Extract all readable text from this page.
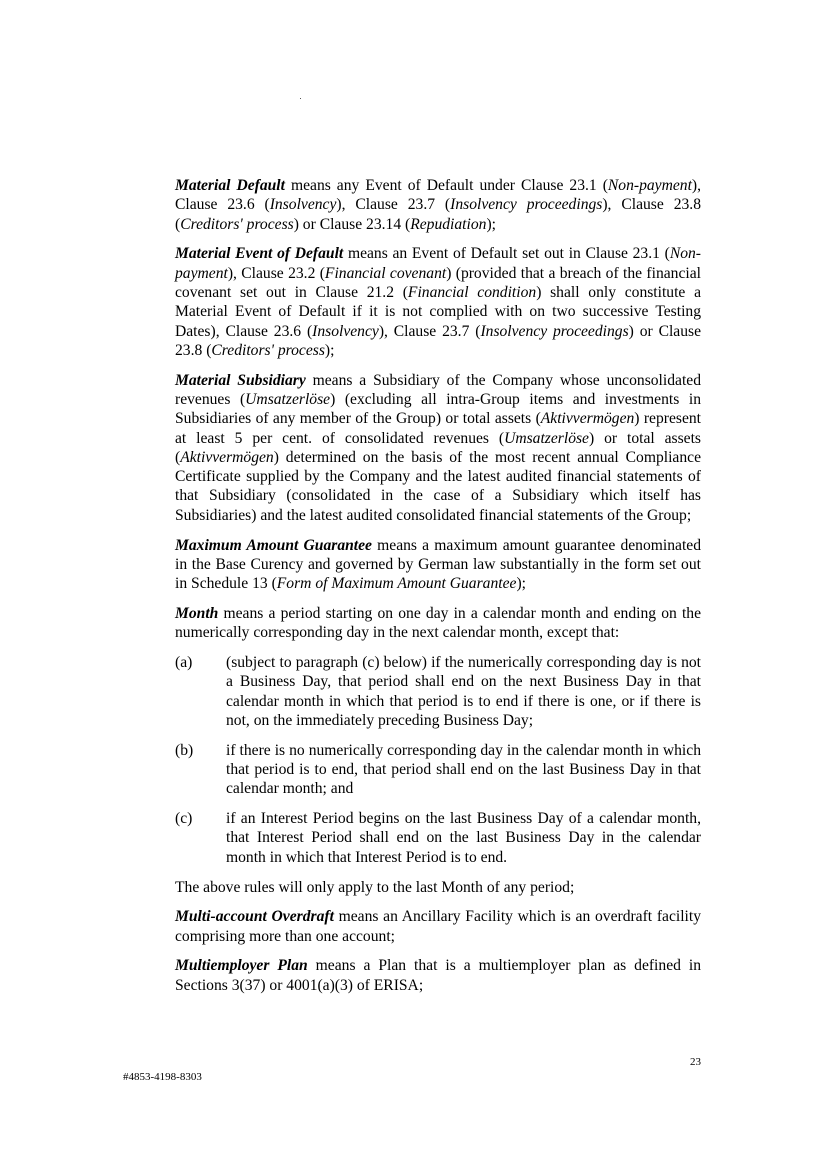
Material Default means any Event of Default under Clause 23.1 (Non-payment), Clause 23.6 (Insolvency), Clause 23.7 (Insolvency proceedings), Clause 23.8 (Creditors' process) or Clause 23.14 (Repudiation);

Material Event of Default means an Event of Default set out in Clause 23.1 (Non-payment), Clause 23.2 (Financial covenant) (provided that a breach of the financial covenant set out in Clause 21.2 (Financial condition) shall only constitute a Material Event of Default if it is not complied with on two successive Testing Dates), Clause 23.6 (Insolvency), Clause 23.7 (Insolvency proceedings) or Clause 23.8 (Creditors' process);

Material Subsidiary means a Subsidiary of the Company whose unconsolidated revenues (Umsatzerlöse) (excluding all intra-Group items and investments in Subsidiaries of any member of the Group) or total assets (Aktivvermögen) represent at least 5 per cent. of consolidated revenues (Umsatzerlöse) or total assets (Aktivvermögen) determined on the basis of the most recent annual Compliance Certificate supplied by the Company and the latest audited financial statements of that Subsidiary (consolidated in the case of a Subsidiary which itself has Subsidiaries) and the latest audited consolidated financial statements of the Group;

Maximum Amount Guarantee means a maximum amount guarantee denominated in the Base Curency and governed by German law substantially in the form set out in Schedule 13 (Form of Maximum Amount Guarantee);

Month means a period starting on one day in a calendar month and ending on the numerically corresponding day in the next calendar month, except that:

(a)	(subject to paragraph (c) below) if the numerically corresponding day is not a Business Day, that period shall end on the next Business Day in that calendar month in which that period is to end if there is one, or if there is not, on the immediately preceding Business Day;
(b)	if there is no numerically corresponding day in the calendar month in which that period is to end, that period shall end on the last Business Day in that calendar month; and
(c)	if an Interest Period begins on the last Business Day of a calendar month, that Interest Period shall end on the last Business Day in the calendar month in which that Interest Period is to end.

The above rules will only apply to the last Month of any period;

Multi-account Overdraft means an Ancillary Facility which is an overdraft facility comprising more than one account;

Multiemployer Plan means a Plan that is a multiemployer plan as defined in Sections 3(37) or 4001(a)(3) of ERISA;

23
#4853-4198-8303
